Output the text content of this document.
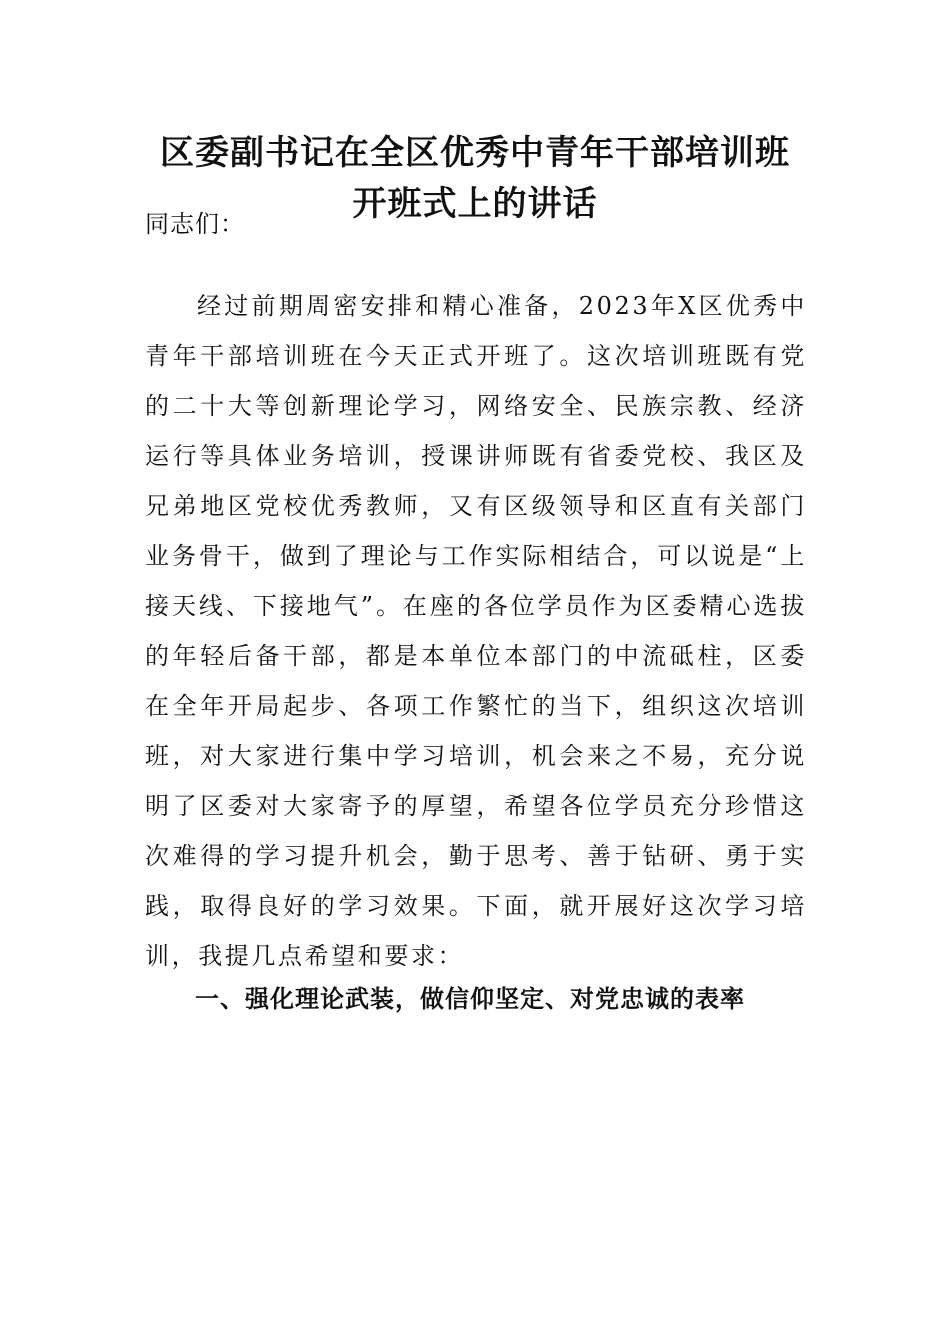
区委副书记在全区优秀中青年干部培训班
开班式上的讲话
同志们：

经过前期周密安排和精心准备，2023年X区优秀中青年干部培训班在今天正式开班了。这次培训班既有党的二十大等创新理论学习，网络安全、民族宗教、经济运行等具体业务培训，授课讲师既有省委党校、我区及兄弟地区党校优秀教师，又有区级领导和区直有关部门业务骨干，做到了理论与工作实际相结合，可以说是“上接天线、下接地气”。在座的各位学员作为区委精心选拔的年轻后备干部，都是本单位本部门的中流砥柱，区委在全年开局起步、各项工作繁忙的当下，组织这次培训班，对大家进行集中学习培训，机会来之不易，充分说明了区委对大家寄予的厚望，希望各位学员充分珍惜这次难得的学习提升机会，勤于思考、善于钻研、勇于实践，取得良好的学习效果。下面，就开展好这次学习培训，我提几点希望和要求：

一、强化理论武装，做信仰坚定、对党忠诚的表率
